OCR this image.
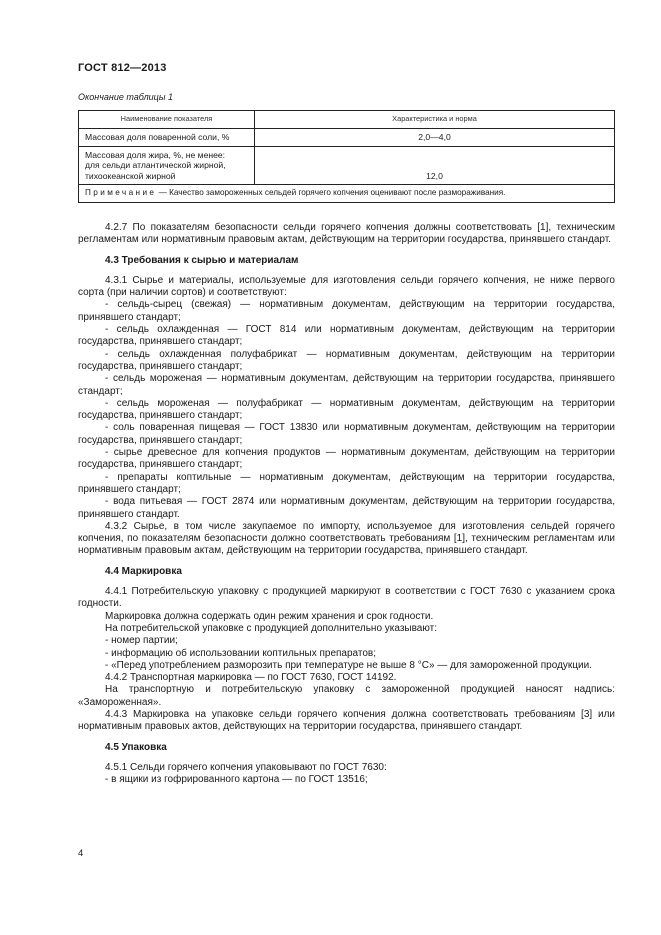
ГОСТ 812—2013
Окончание таблицы 1
Наименование показателя	Характеристика и норма
Массовая доля поваренной соли, %	2,0—4,0

Массовая доля жира, %, не менее:
для сельди атлантической жирной,
тихоокеанской жирной	12,0
Примечание — Качество замороженных сельдей горячего копчения оценивают после размораживания.	

4.2.7 По показателям безопасности сельди горячего копчения должны соответствовать [1], техническим регламентам или нормативным правовым актам, действующим на территории государства, принявшего стандарт.

4.3 Требования к сырью и материалам

4.3.1 Сырье и материалы, используемые для изготовления сельди горячего копчения, не ниже первого сорта (при наличии сортов) и соответствуют:

- сельдь-сырец (свежая) — нормативным документам, действующим на территории государства, принявшего стандарт;

- сельдь охлажденная — ГОСТ 814 или нормативным документам, действующим на территории государства, принявшего стандарт;

- сельдь охлажденная полуфабрикат — нормативным документам, действующим на территории государства, принявшего стандарт;

- сельдь мороженая — нормативным документам, действующим на территории государства, принявшего стандарт;

- сельдь мороженая — полуфабрикат — нормативным документам, действующим на территории государства, принявшего стандарт;

- соль поваренная пищевая — ГОСТ 13830 или нормативным документам, действующим на территории государства, принявшего стандарт;

- сырье древесное для копчения продуктов — нормативным документам, действующим на территории государства, принявшего стандарт;

- препараты коптильные — нормативным документам, действующим на территории государства, принявшего стандарт;

- вода питьевая — ГОСТ 2874 или нормативным документам, действующим на территории государства, принявшего стандарт.

4.3.2 Сырье, в том числе закупаемое по импорту, используемое для изготовления сельдей горячего копчения, по показателям безопасности должно соответствовать требованиям [1], техническим регламентам или нормативным правовым актам, действующим на территории государства, принявшего стандарт.

4.4 Маркировка

4.4.1 Потребительскую упаковку с продукцией маркируют в соответствии с ГОСТ 7630 с указанием срока годности.

Маркировка должна содержать один режим хранения и срок годности.

На потребительской упаковке с продукцией дополнительно указывают:

- номер партии;

- информацию об использовании коптильных препаратов;

- «Перед употреблением разморозить при температуре не выше 8 °С» — для замороженной продукции.

4.4.2 Транспортная маркировка — по ГОСТ 7630, ГОСТ 14192.

На транспортную и потребительскую упаковку с замороженной продукцией наносят надпись: «Замороженная».

4.4.3 Маркировка на упаковке сельди горячего копчения должна соответствовать требованиям [3] или нормативным правовых актов, действующих на территории государства, принявшего стандарт.

4.5 Упаковка

4.5.1 Сельди горячего копчения упаковывают по ГОСТ 7630:

- в ящики из гофрированного картона — по ГОСТ 13516;

4
